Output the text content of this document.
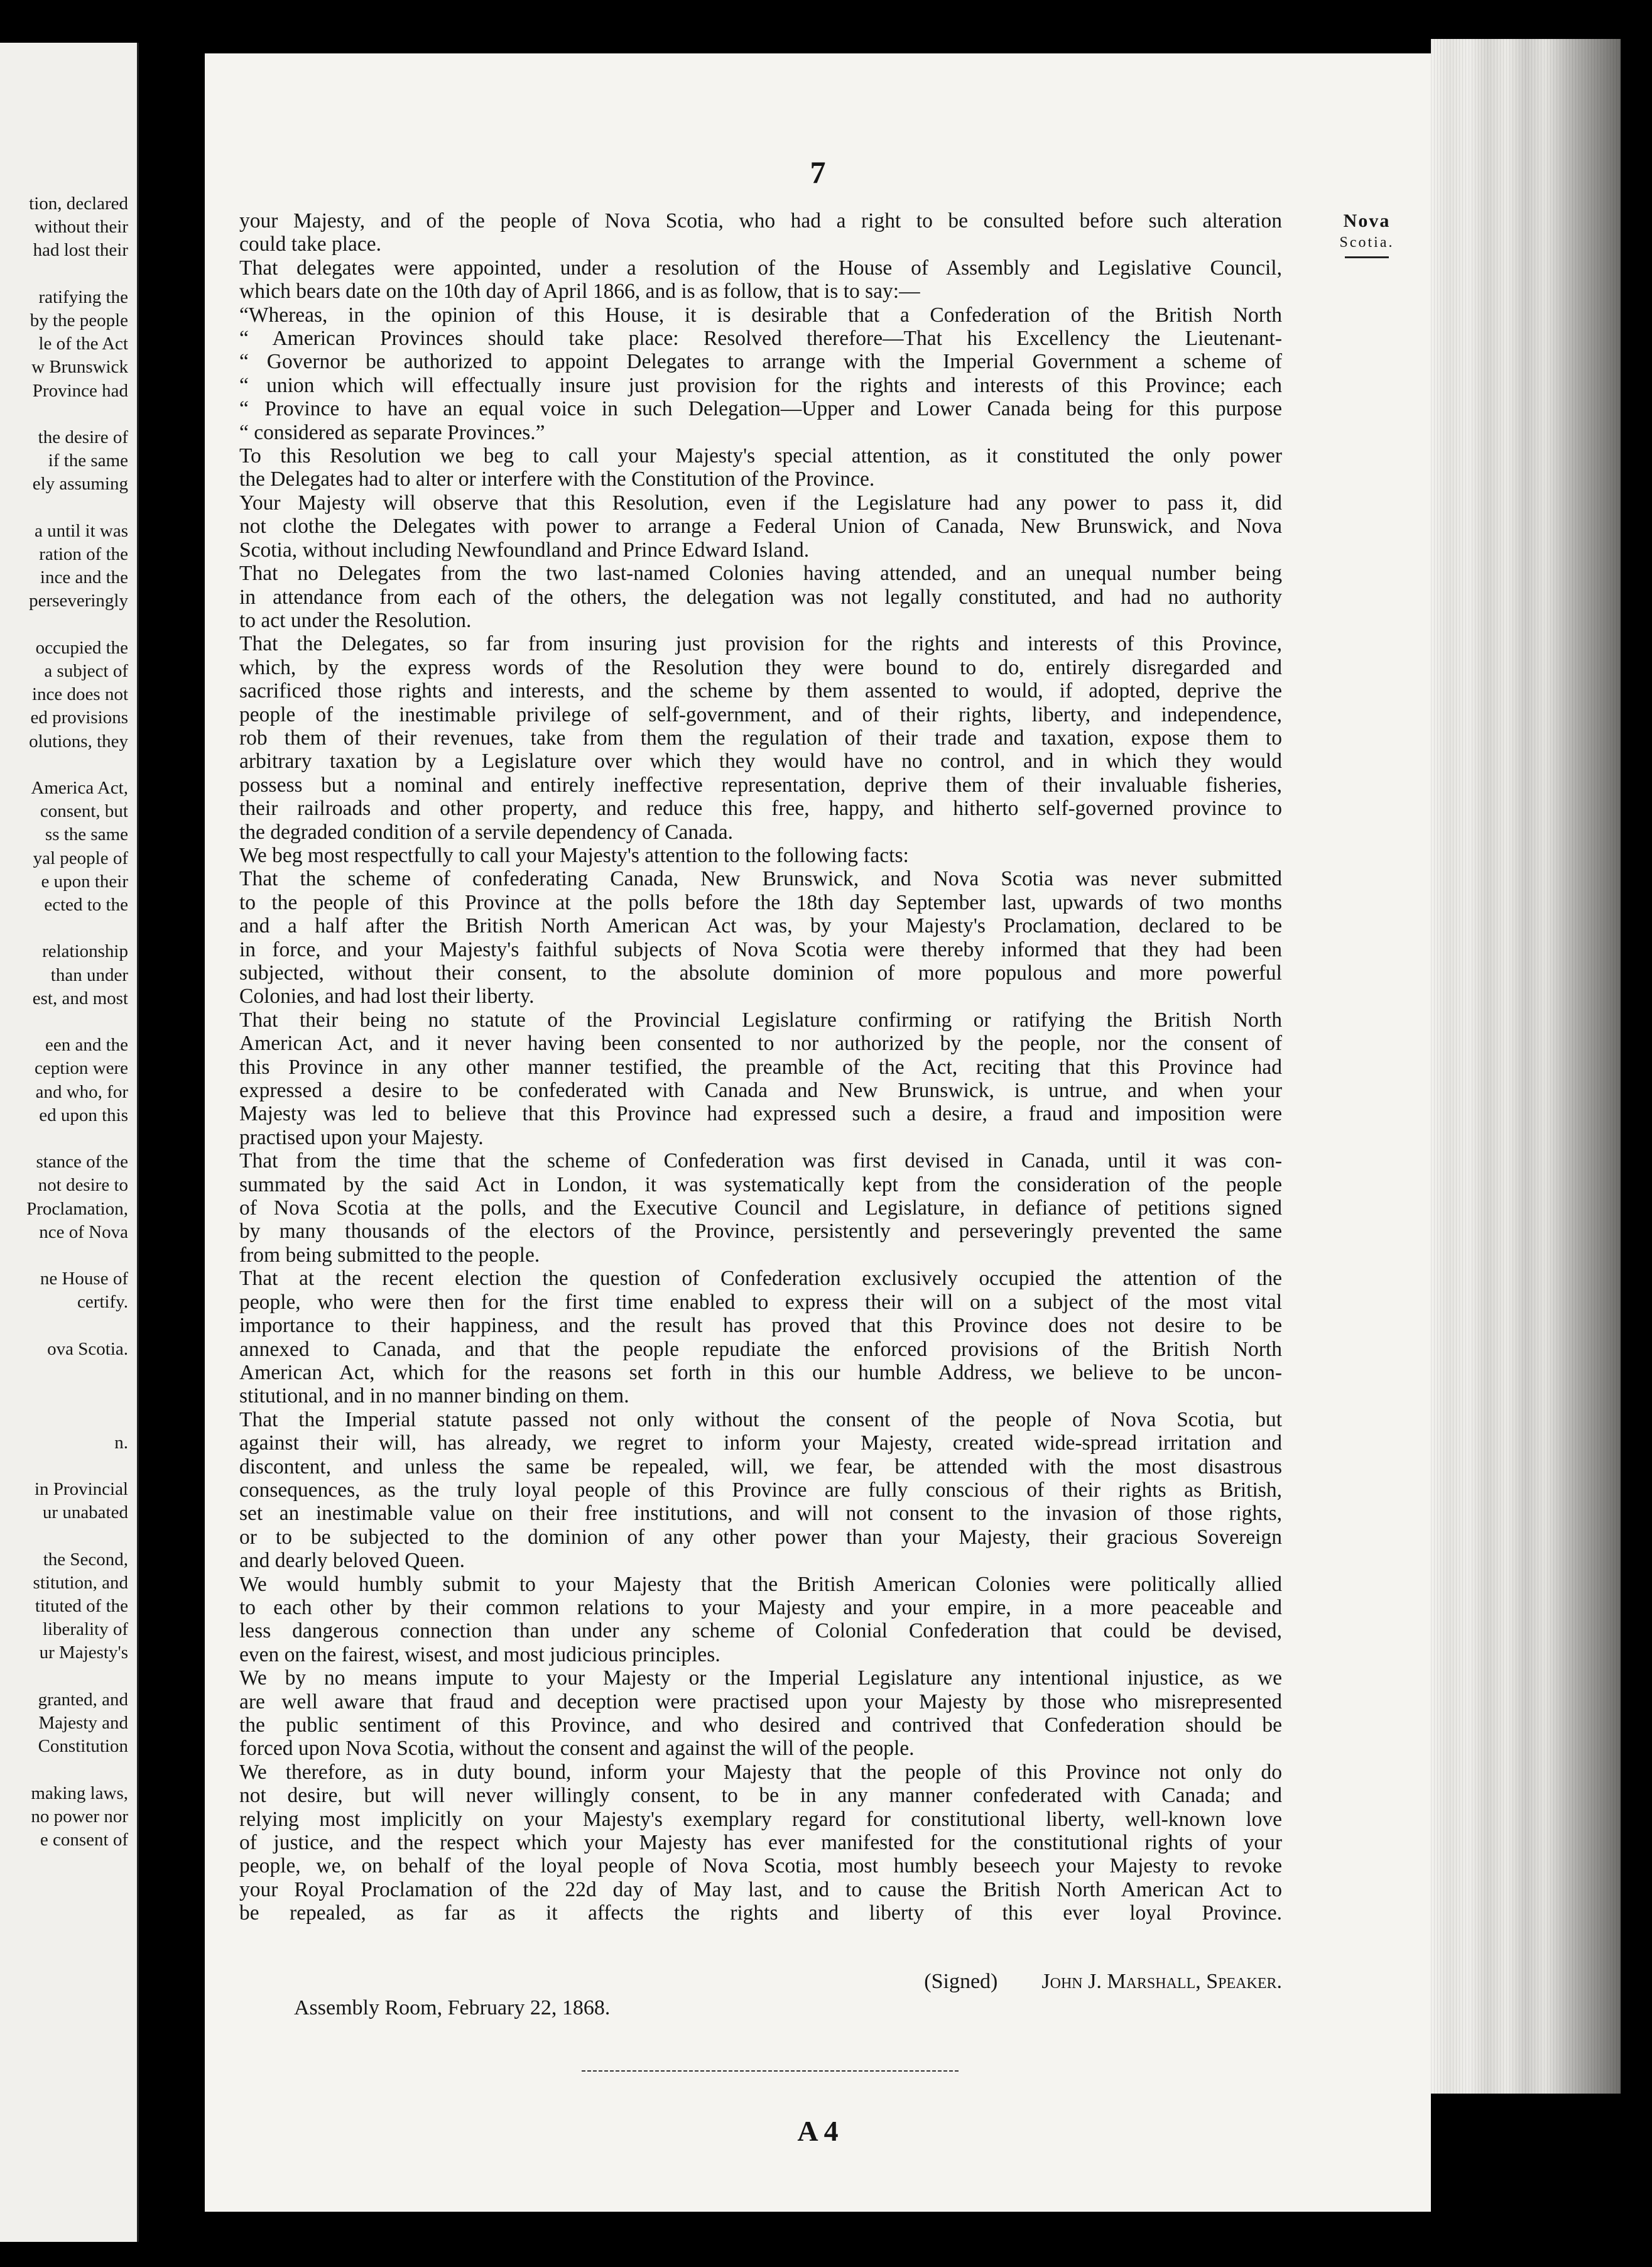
tion, declared
without their
had lost their
ratifying the
by the people
le of the Act
w Brunswick
Province had
the desire of
if the same
ely assuming
a until it was
ration of the
ince and the
perseveringly
occupied the
a subject of
ince does not
ed provisions
olutions, they
America Act,
consent, but
ss the same
yal people of
e upon their
ected to the
relationship
than under
est, and most
een and the
ception were
and who, for
ed upon this
stance of the
not desire to
Proclamation,
nce of Nova
ne House of
certify.
ova Scotia.
n.
in Provincial
ur unabated
the Second,
stitution, and
tituted of the
liberality of
ur Majesty's
granted, and
Majesty and
Constitution
making laws,
no power nor
e consent of
7
Nova
Scotia.
your Majesty, and of the people of Nova Scotia, who had a right to be consulted before such alteration
could take place.
That delegates were appointed, under a resolution of the House of Assembly and Legislative Council,
which bears date on the 10th day of April 1866, and is as follow, that is to say:—
“Whereas, in the opinion of this House, it is desirable that a Confederation of the British North
“ American Provinces should take place: Resolved therefore—That his Excellency the Lieutenant-
“ Governor be authorized to appoint Delegates to arrange with the Imperial Government a scheme of
“ union which will effectually insure just provision for the rights and interests of this Province; each
“ Province to have an equal voice in such Delegation—Upper and Lower Canada being for this purpose
“ considered as separate Provinces.”
To this Resolution we beg to call your Majesty's special attention, as it constituted the only power
the Delegates had to alter or interfere with the Constitution of the Province.
Your Majesty will observe that this Resolution, even if the Legislature had any power to pass it, did
not clothe the Delegates with power to arrange a Federal Union of Canada, New Brunswick, and Nova
Scotia, without including Newfoundland and Prince Edward Island.
That no Delegates from the two last-named Colonies having attended, and an unequal number being
in attendance from each of the others, the delegation was not legally constituted, and had no authority
to act under the Resolution.
That the Delegates, so far from insuring just provision for the rights and interests of this Province,
which, by the express words of the Resolution they were bound to do, entirely disregarded and
sacrificed those rights and interests, and the scheme by them assented to would, if adopted, deprive the
people of the inestimable privilege of self-government, and of their rights, liberty, and independence,
rob them of their revenues, take from them the regulation of their trade and taxation, expose them to
arbitrary taxation by a Legislature over which they would have no control, and in which they would
possess but a nominal and entirely ineffective representation, deprive them of their invaluable fisheries,
their railroads and other property, and reduce this free, happy, and hitherto self-governed province to
the degraded condition of a servile dependency of Canada.
We beg most respectfully to call your Majesty's attention to the following facts:
That the scheme of confederating Canada, New Brunswick, and Nova Scotia was never submitted
to the people of this Province at the polls before the 18th day September last, upwards of two months
and a half after the British North American Act was, by your Majesty's Proclamation, declared to be
in force, and your Majesty's faithful subjects of Nova Scotia were thereby informed that they had been
subjected, without their consent, to the absolute dominion of more populous and more powerful
Colonies, and had lost their liberty.
That their being no statute of the Provincial Legislature confirming or ratifying the British North
American Act, and it never having been consented to nor authorized by the people, nor the consent of
this Province in any other manner testified, the preamble of the Act, reciting that this Province had
expressed a desire to be confederated with Canada and New Brunswick, is untrue, and when your
Majesty was led to believe that this Province had expressed such a desire, a fraud and imposition were
practised upon your Majesty.
That from the time that the scheme of Confederation was first devised in Canada, until it was con-
summated by the said Act in London, it was systematically kept from the consideration of the people
of Nova Scotia at the polls, and the Executive Council and Legislature, in defiance of petitions signed
by many thousands of the electors of the Province, persistently and perseveringly prevented the same
from being submitted to the people.
That at the recent election the question of Confederation exclusively occupied the attention of the
people, who were then for the first time enabled to express their will on a subject of the most vital
importance to their happiness, and the result has proved that this Province does not desire to be
annexed to Canada, and that the people repudiate the enforced provisions of the British North
American Act, which for the reasons set forth in this our humble Address, we believe to be uncon-
stitutional, and in no manner binding on them.
That the Imperial statute passed not only without the consent of the people of Nova Scotia, but
against their will, has already, we regret to inform your Majesty, created wide-spread irritation and
discontent, and unless the same be repealed, will, we fear, be attended with the most disastrous
consequences, as the truly loyal people of this Province are fully conscious of their rights as British,
set an inestimable value on their free institutions, and will not consent to the invasion of those rights,
or to be subjected to the dominion of any other power than your Majesty, their gracious Sovereign
and dearly beloved Queen.
We would humbly submit to your Majesty that the British American Colonies were politically allied
to each other by their common relations to your Majesty and your empire, in a more peaceable and
less dangerous connection than under any scheme of Colonial Confederation that could be devised,
even on the fairest, wisest, and most judicious principles.
We by no means impute to your Majesty or the Imperial Legislature any intentional injustice, as we
are well aware that fraud and deception were practised upon your Majesty by those who misrepresented
the public sentiment of this Province, and who desired and contrived that Confederation should be
forced upon Nova Scotia, without the consent and against the will of the people.
We therefore, as in duty bound, inform your Majesty that the people of this Province not only do
not desire, but will never willingly consent, to be in any manner confederated with Canada; and
relying most implicitly on your Majesty's exemplary regard for constitutional liberty, well-known love
of justice, and the respect which your Majesty has ever manifested for the constitutional rights of your
people, we, on behalf of the loyal people of Nova Scotia, most humbly beseech your Majesty to revoke
your Royal Proclamation of the 22d day of May last, and to cause the British North American Act to
be repealed, as far as it affects the rights and liberty of this ever loyal Province.
(Signed) John J. Marshall, Speaker.
Assembly Room, February 22, 1868.
A 4
